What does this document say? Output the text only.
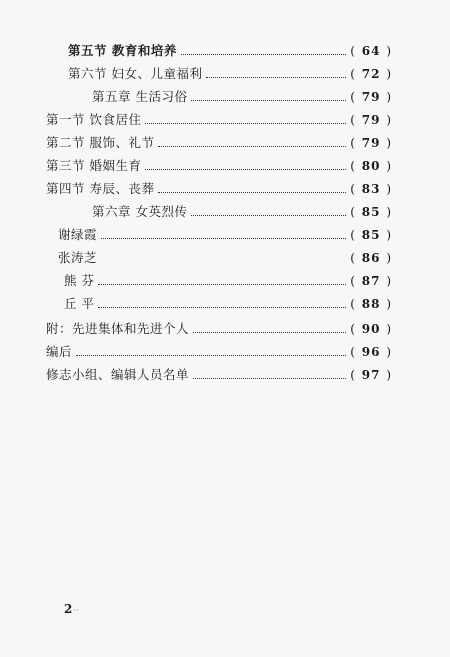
第五节 教育和培养	( 64 )
第六节 妇女、儿童福利	( 72 )
第五章 生活习俗	( 79 )
第一节 饮食居住	( 79 )
第二节 服饰、礼节	( 79 )
第三节 婚姻生育	( 80 )
第四节 寿辰、丧葬	( 83 )
第六章 女英烈传	( 85 )
谢绿霞	( 85 )
张涛芝	( 86 )
熊 芬	( 87 )
丘 平	( 88 )
附：先进集体和先进个人	( 90 )
编后	( 96 )
修志小组、编辑人员名单	( 97 )
2··
